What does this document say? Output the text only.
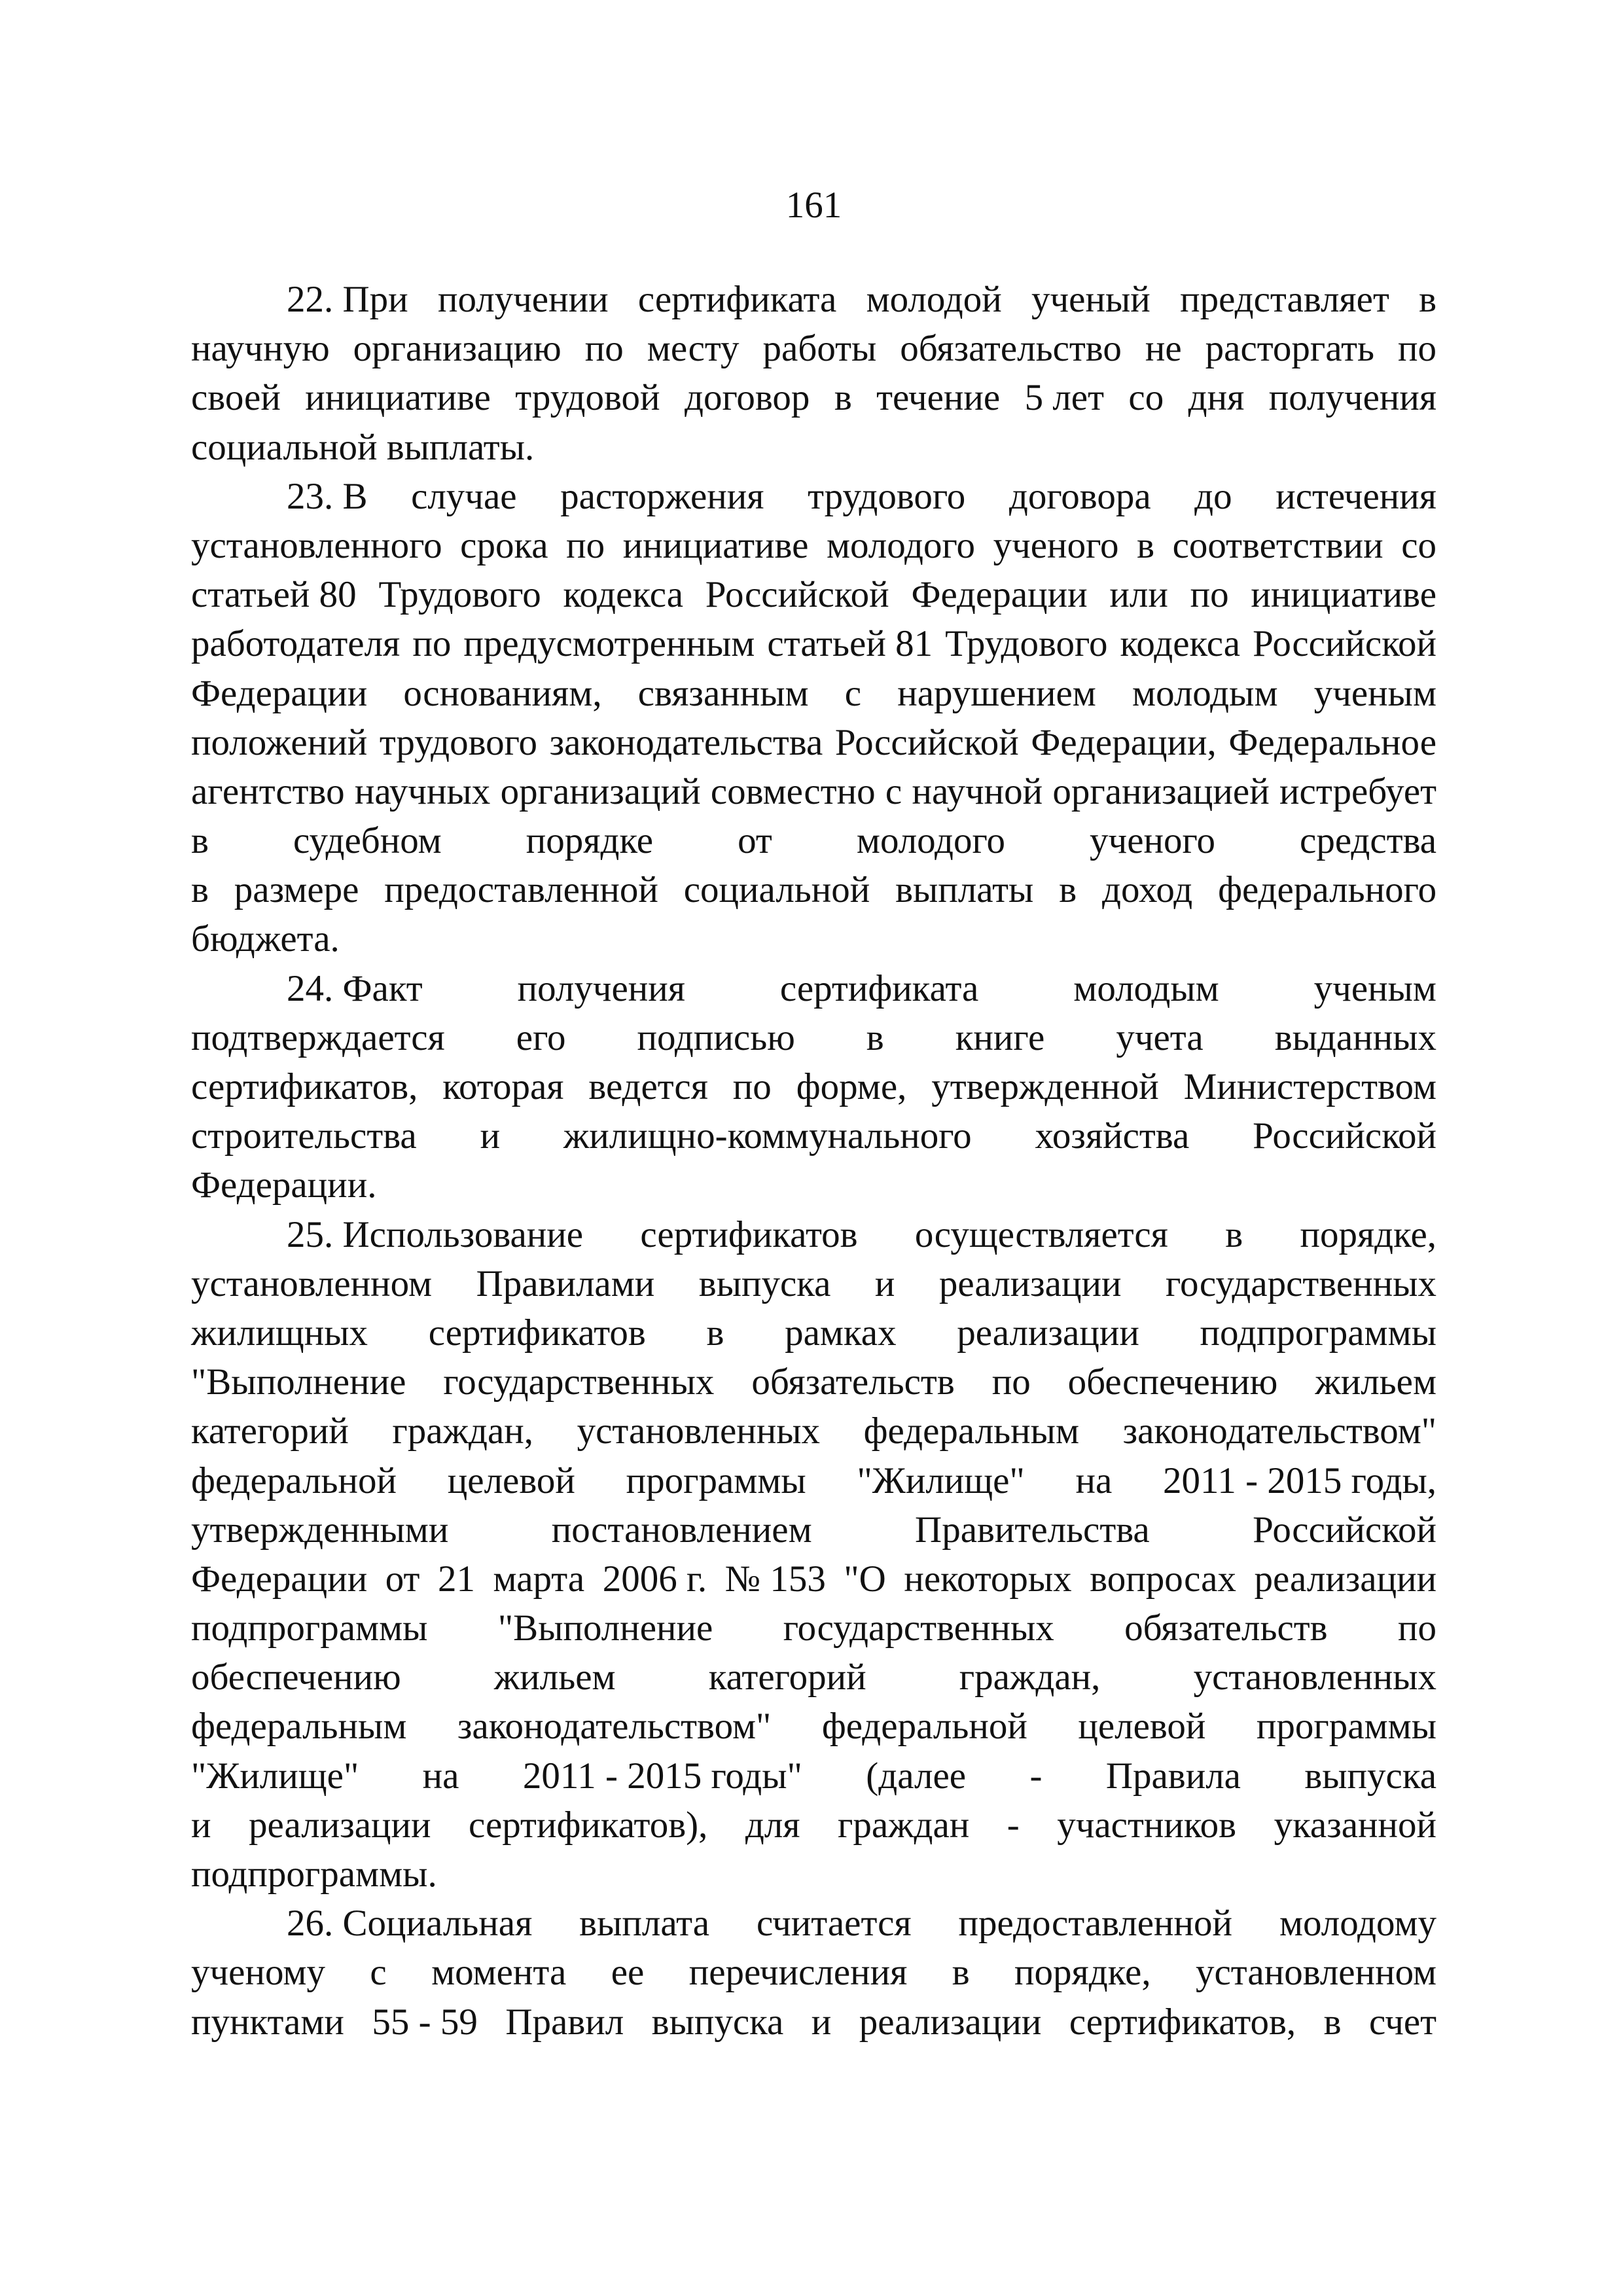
161
22. При получении сертификата молодой ученый представляет в
научную организацию по месту работы обязательство не расторгать по
своей инициативе трудовой договор в течение 5 лет со дня получения
социальной выплаты.
23. В случае расторжения трудового договора до истечения
установленного срока по инициативе молодого ученого в соответствии со
статьей 80 Трудового кодекса Российской Федерации или по инициативе
работодателя по предусмотренным статьей 81 Трудового кодекса Российской
Федерации основаниям, связанным с нарушением молодым ученым
положений трудового законодательства Российской Федерации, Федеральное
агентство научных организаций совместно с научной организацией истребует
в судебном порядке от молодого ученого средства
в размере предоставленной социальной выплаты в доход федерального
бюджета.
24. Факт	получения	сертификата	молодым	ученым
подтверждается его подписью в книге учета выданных
сертификатов, которая ведется по форме, утвержденной Министерством
строительства и жилищно-коммунального хозяйства Российской
Федерации.
25. Использование сертификатов осуществляется в порядке,
установленном Правилами выпуска и реализации государственных
жилищных сертификатов в рамках реализации подпрограммы
"Выполнение государственных обязательств по обеспечению жильем
категорий граждан, установленных федеральным законодательством"
федеральной целевой программы "Жилище" на 2011 - 2015 годы,
утвержденными	постановлением	Правительства	Российской
Федерации от 21 марта 2006 г. № 153 "О некоторых вопросах реализации
подпрограммы "Выполнение государственных обязательств по
обеспечению жильем категорий граждан, установленных
федеральным законодательством" федеральной целевой программы
"Жилище" на 2011 - 2015 годы" (далее - Правила выпуска
и реализации сертификатов), для граждан - участников указанной
подпрограммы.
26. Социальная выплата считается предоставленной молодому
ученому с момента ее перечисления в порядке, установленном
пунктами 55 - 59 Правил выпуска и реализации сертификатов, в счет
